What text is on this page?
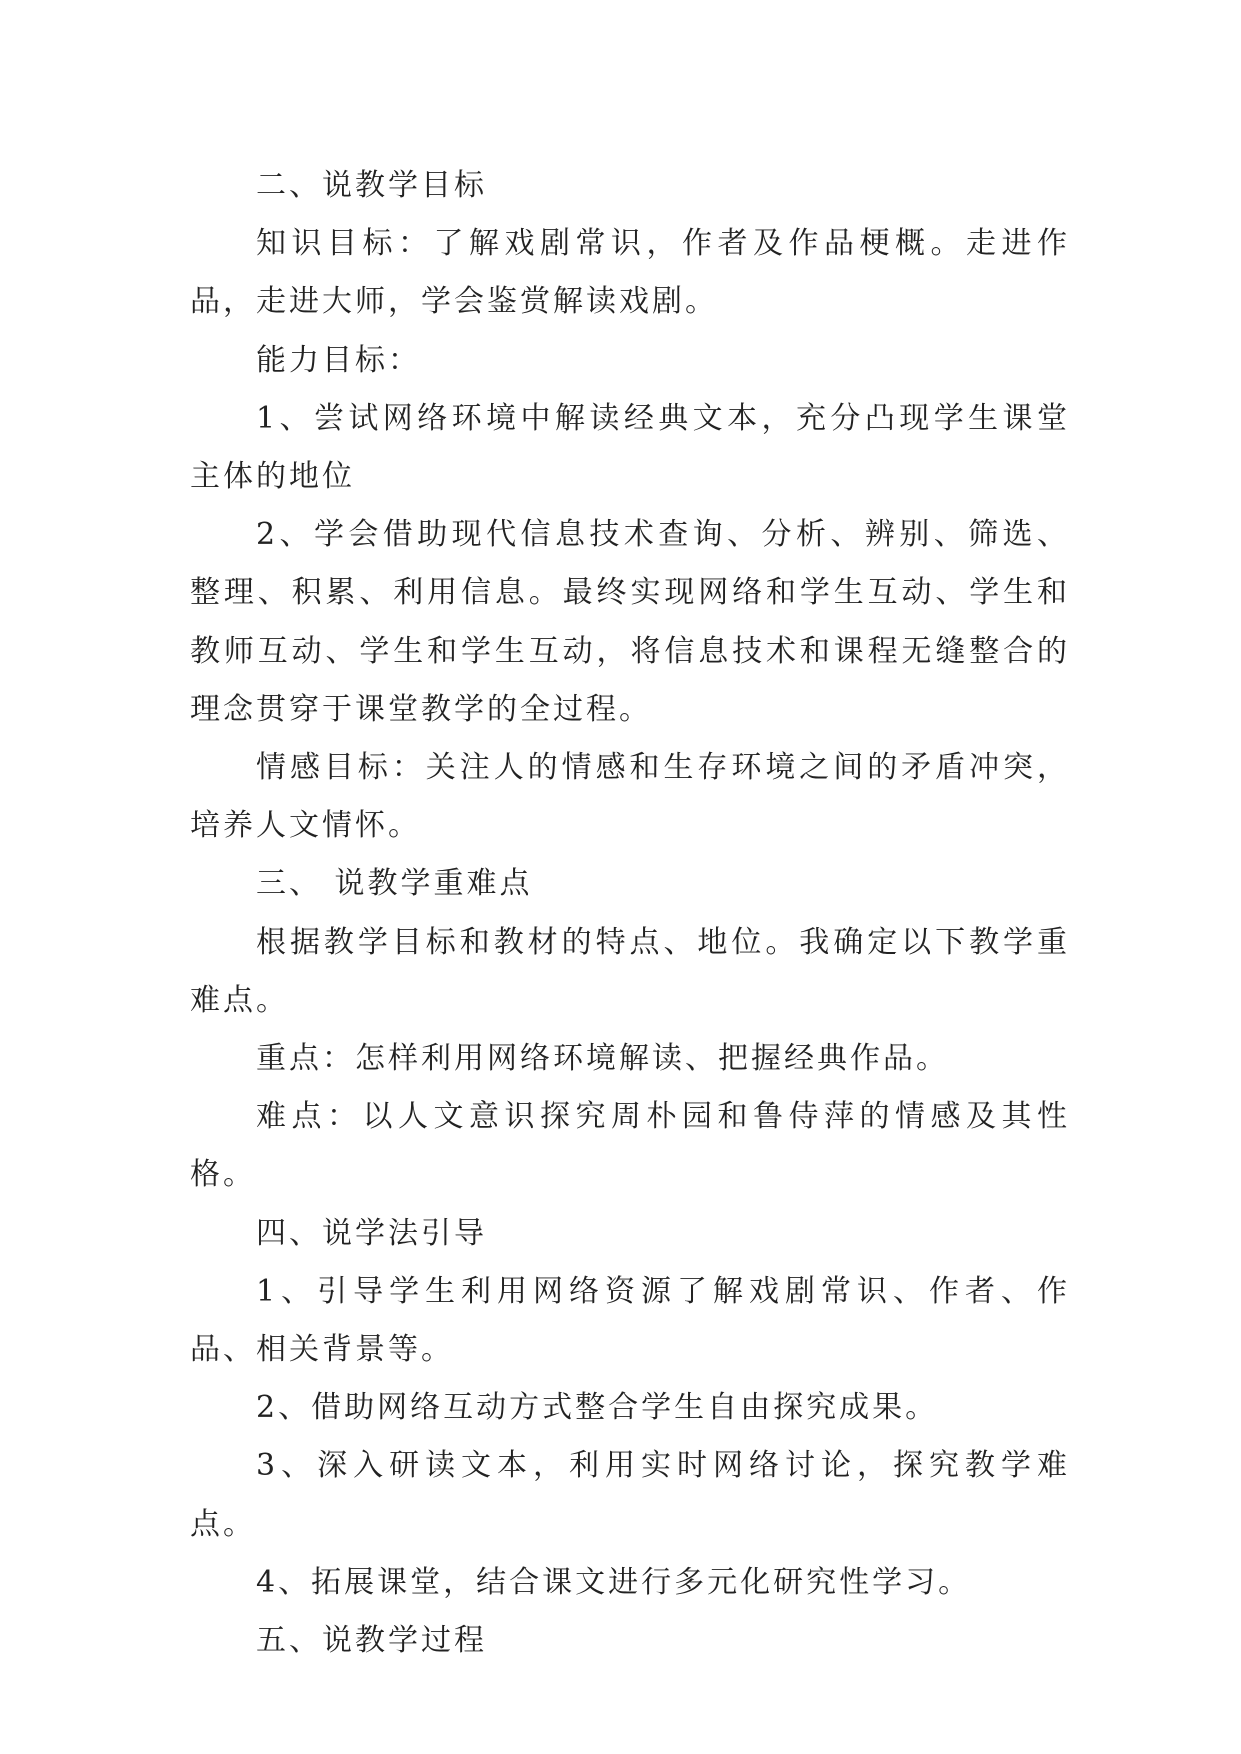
二、说教学目标

知识目标：了解戏剧常识，作者及作品梗概。走进作品，走进大师，学会鉴赏解读戏剧。

能力目标：

1、尝试网络环境中解读经典文本，充分凸现学生课堂主体的地位

2、学会借助现代信息技术查询、分析、辨别、筛选、整理、积累、利用信息。最终实现网络和学生互动、学生和教师互动、学生和学生互动，将信息技术和课程无缝整合的理念贯穿于课堂教学的全过程。

情感目标：关注人的情感和生存环境之间的矛盾冲突，培养人文情怀。

三、 说教学重难点

根据教学目标和教材的特点、地位。我确定以下教学重难点。

重点：怎样利用网络环境解读、把握经典作品。

难点：以人文意识探究周朴园和鲁侍萍的情感及其性格。

四、说学法引导

1、引导学生利用网络资源了解戏剧常识、作者、作品、相关背景等。

2、借助网络互动方式整合学生自由探究成果。

3、深入研读文本，利用实时网络讨论，探究教学难点。

4、拓展课堂，结合课文进行多元化研究性学习。

五、说教学过程
